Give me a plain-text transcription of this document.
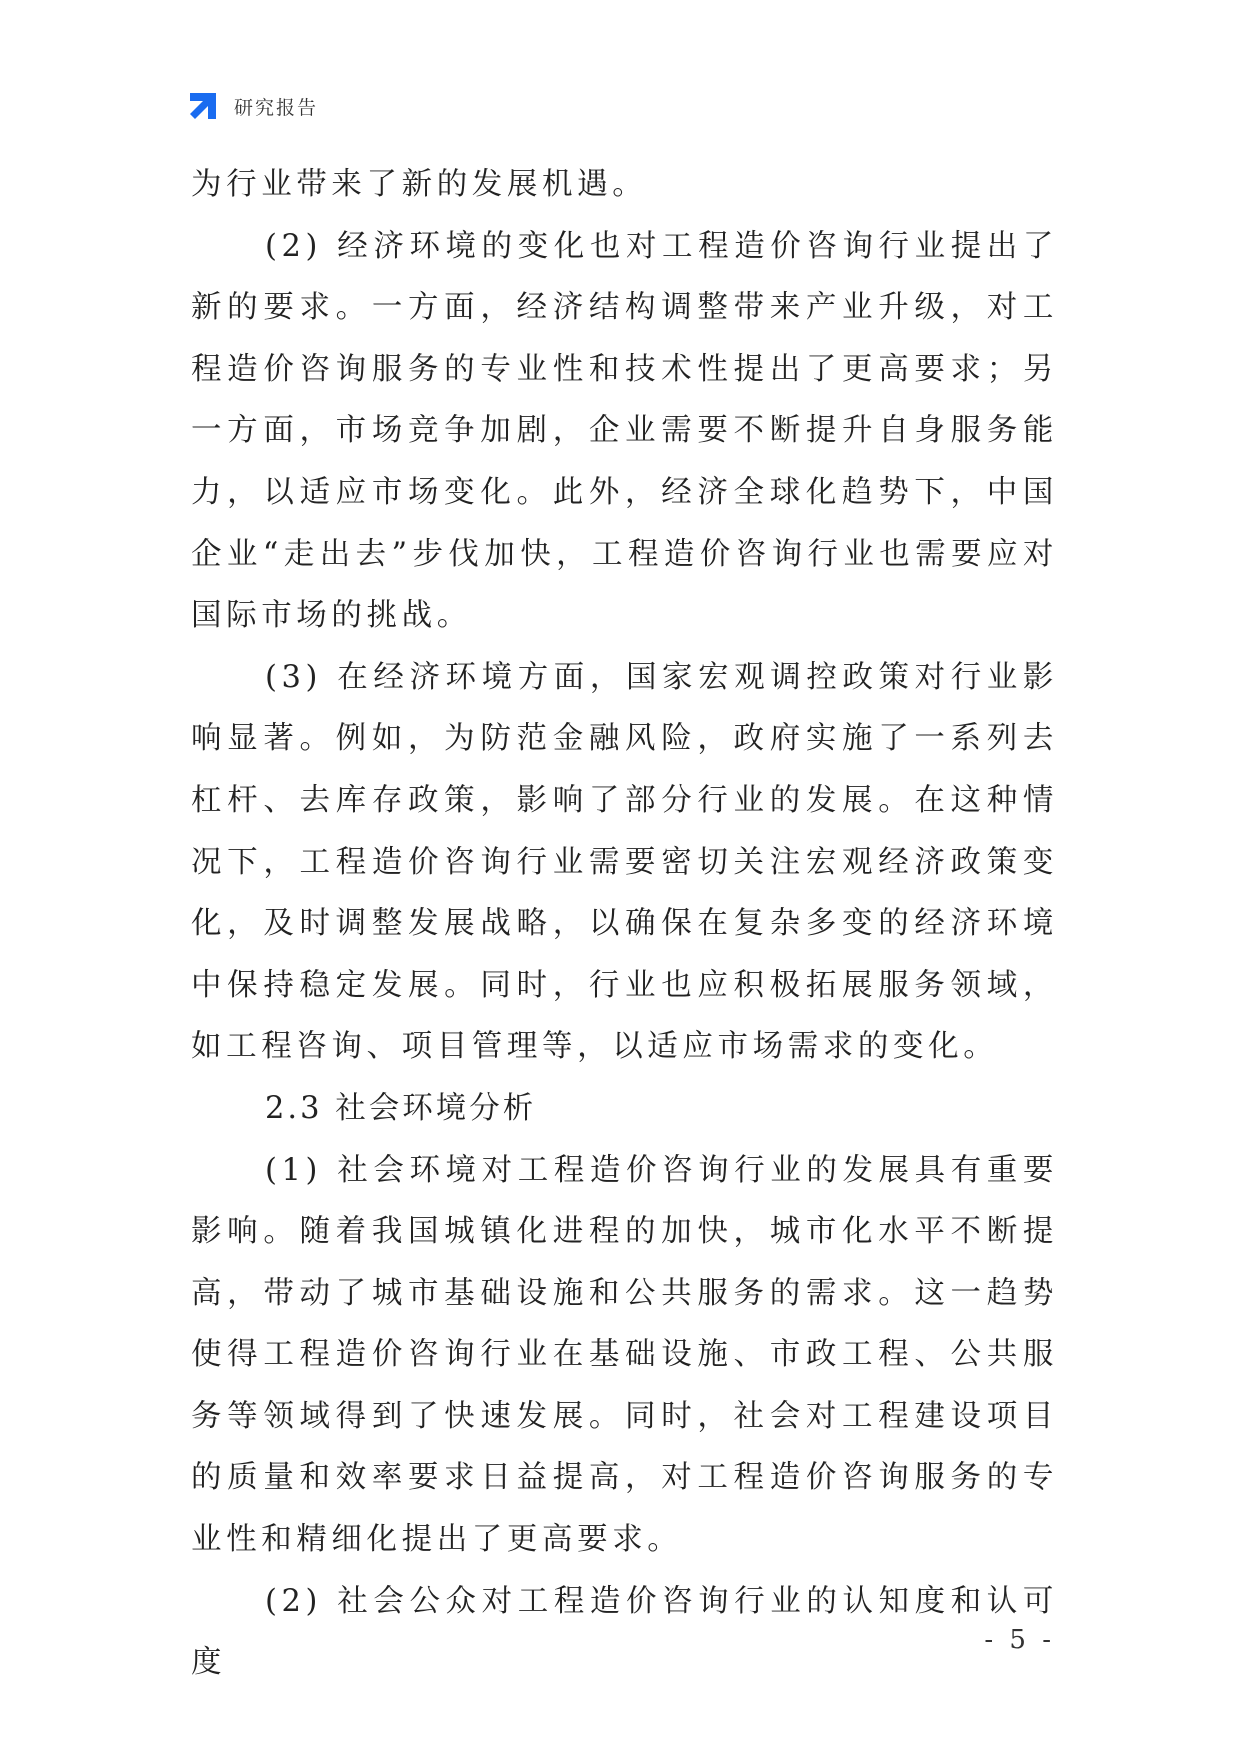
研究报告

为行业带来了新的发展机遇。

(2) 经济环境的变化也对工程造价咨询行业提出了新的要求。一方面，经济结构调整带来产业升级，对工程造价咨询服务的专业性和技术性提出了更高要求；另一方面，市场竞争加剧，企业需要不断提升自身服务能力，以适应市场变化。此外，经济全球化趋势下，中国企业“走出去”步伐加快，工程造价咨询行业也需要应对国际市场的挑战。

(3) 在经济环境方面，国家宏观调控政策对行业影响显著。例如，为防范金融风险，政府实施了一系列去杠杆、去库存政策，影响了部分行业的发展。在这种情况下，工程造价咨询行业需要密切关注宏观经济政策变化，及时调整发展战略，以确保在复杂多变的经济环境中保持稳定发展。同时，行业也应积极拓展服务领域，如工程咨询、项目管理等，以适应市场需求的变化。

2.3 社会环境分析

(1) 社会环境对工程造价咨询行业的发展具有重要影响。随着我国城镇化进程的加快，城市化水平不断提高，带动了城市基础设施和公共服务的需求。这一趋势使得工程造价咨询行业在基础设施、市政工程、公共服务等领域得到了快速发展。同时，社会对工程建设项目的质量和效率要求日益提高，对工程造价咨询服务的专业性和精细化提出了更高要求。

(2) 社会公众对工程造价咨询行业的认知度和认可度

- 5 -
